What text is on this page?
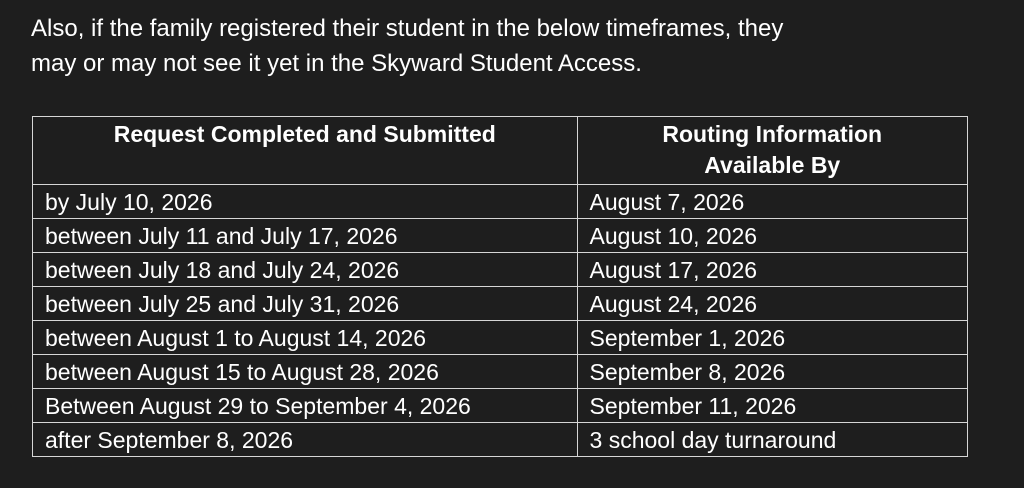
Also, if the family registered their student in the below timeframes, they
may or may not see it yet in the Skyward Student Access.

Request Completed and Submitted	Routing Information Available By
by July 10, 2026	August 7, 2026
between July 11 and July 17, 2026	August 10, 2026
between July 18 and July 24, 2026	August 17, 2026
between July 25 and July 31, 2026	August 24, 2026
between August 1 to August 14, 2026	September 1, 2026
between August 15 to August 28, 2026	September 8, 2026
Between August 29 to September 4, 2026	September 11, 2026
after September 8, 2026	3 school day turnaround
